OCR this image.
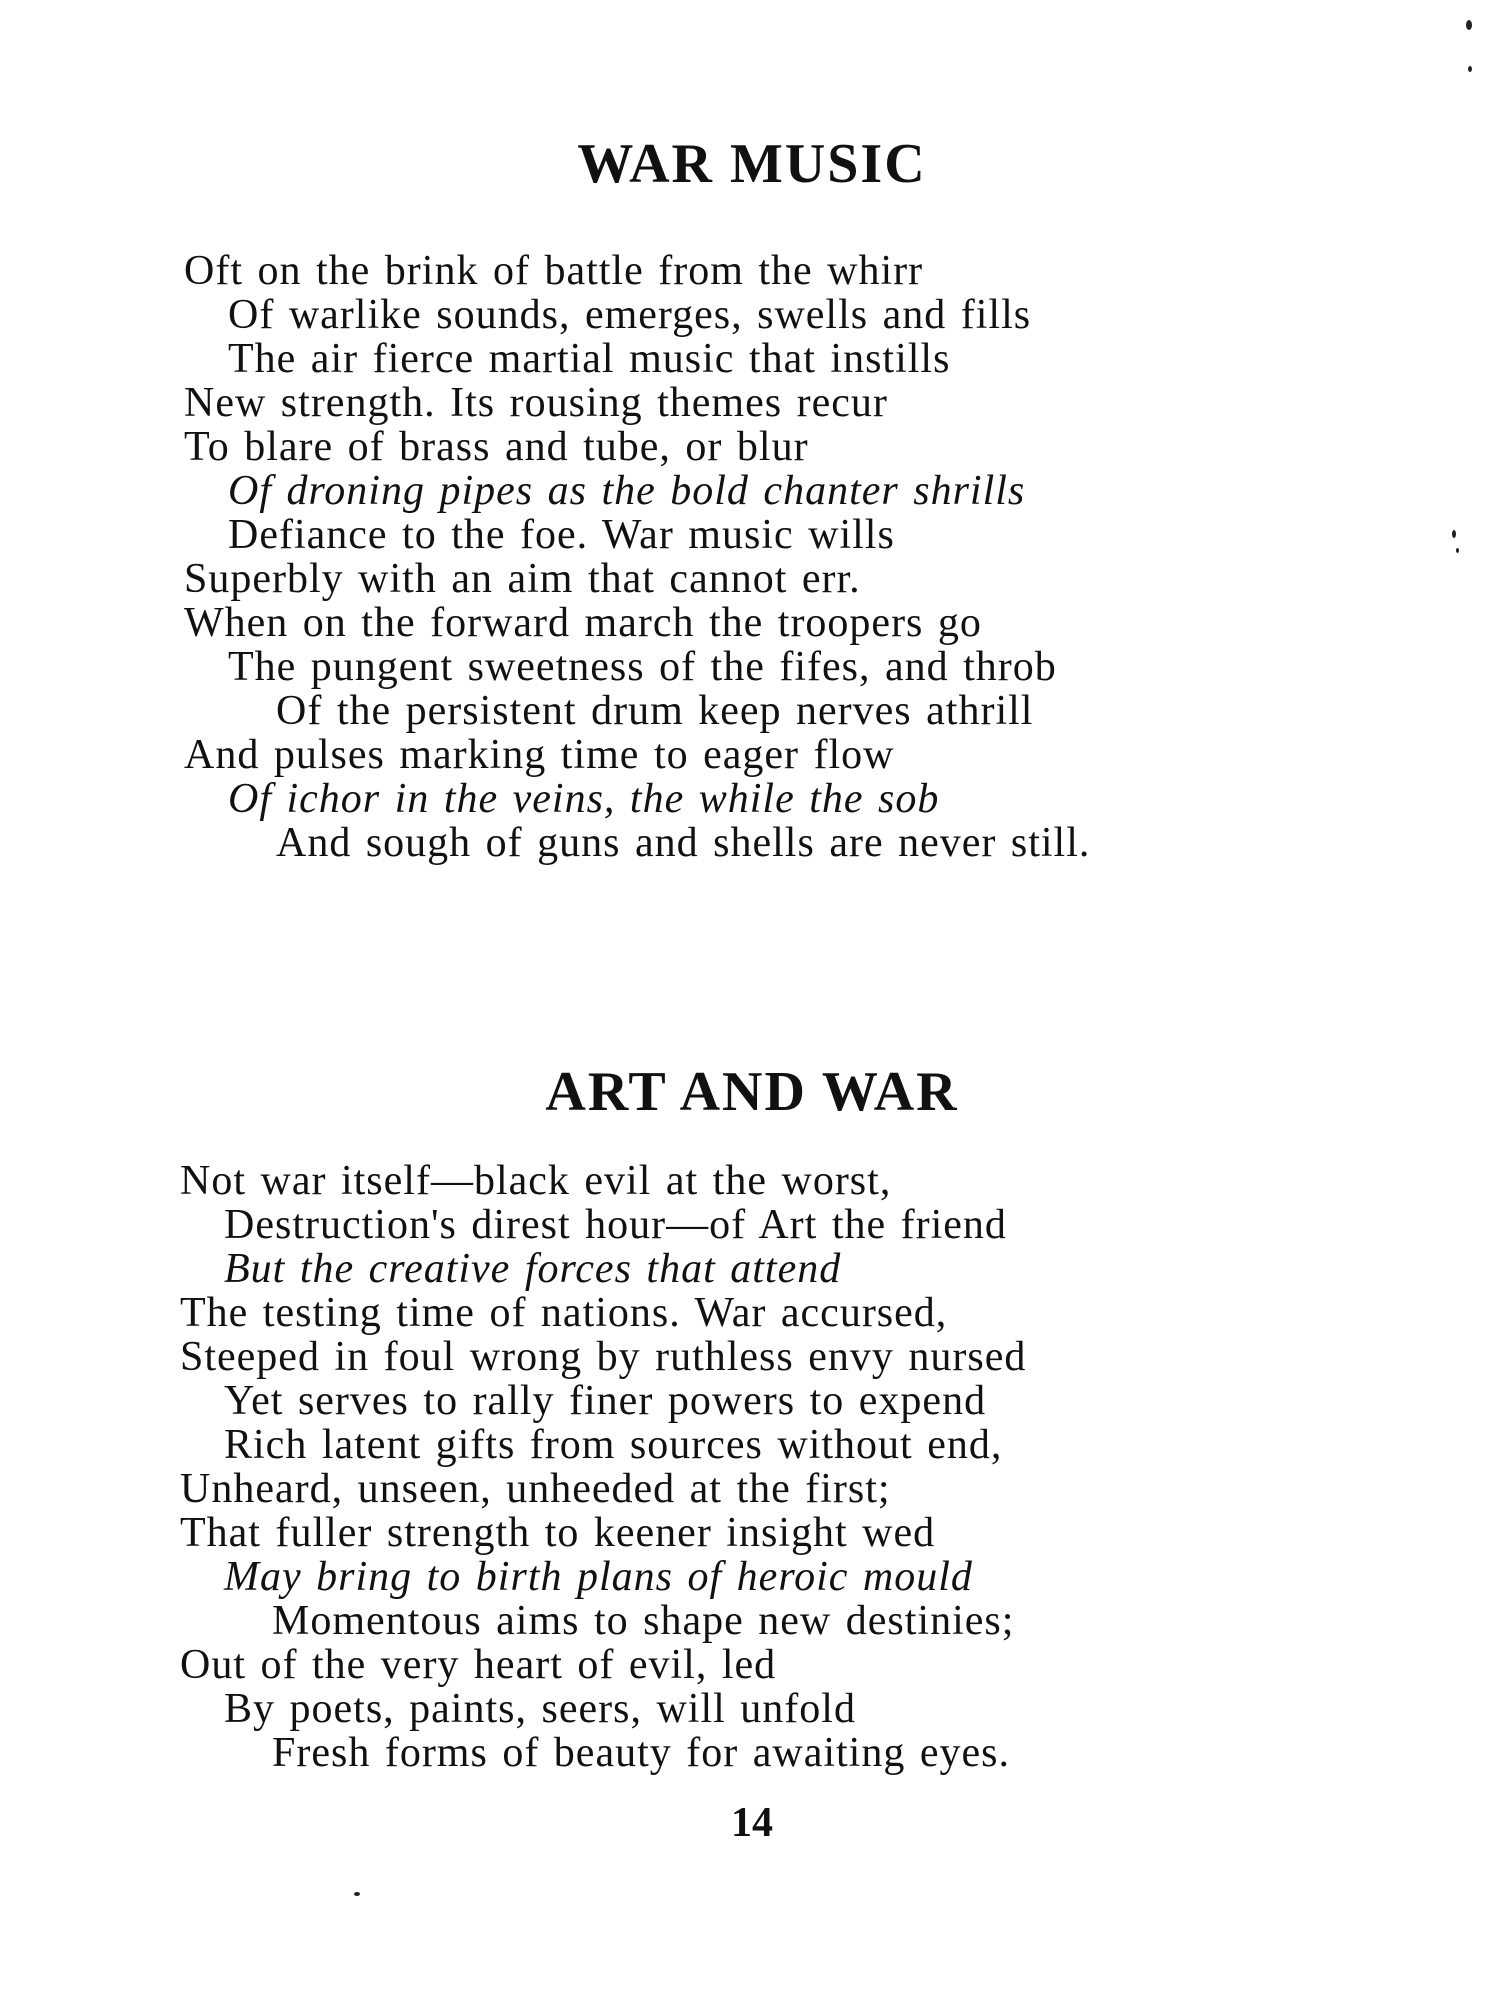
WAR MUSIC
Oft on the brink of battle from the whirr
Of warlike sounds, emerges, swells and fills
The air fierce martial music that instills
New strength. Its rousing themes recur
To blare of brass and tube, or blur
Of droning pipes as the bold chanter shrills
Defiance to the foe. War music wills
Superbly with an aim that cannot err.
When on the forward march the troopers go
The pungent sweetness of the fifes, and throb
Of the persistent drum keep nerves athrill
And pulses marking time to eager flow
Of ichor in the veins, the while the sob
And sough of guns and shells are never still.
ART AND WAR
Not war itself—black evil at the worst,
Destruction's direst hour—of Art the friend
But the creative forces that attend
The testing time of nations. War accursed,
Steeped in foul wrong by ruthless envy nursed
Yet serves to rally finer powers to expend
Rich latent gifts from sources without end,
Unheard, unseen, unheeded at the first;
That fuller strength to keener insight wed
May bring to birth plans of heroic mould
Momentous aims to shape new destinies;
Out of the very heart of evil, led
By poets, paints, seers, will unfold
Fresh forms of beauty for awaiting eyes.
14
